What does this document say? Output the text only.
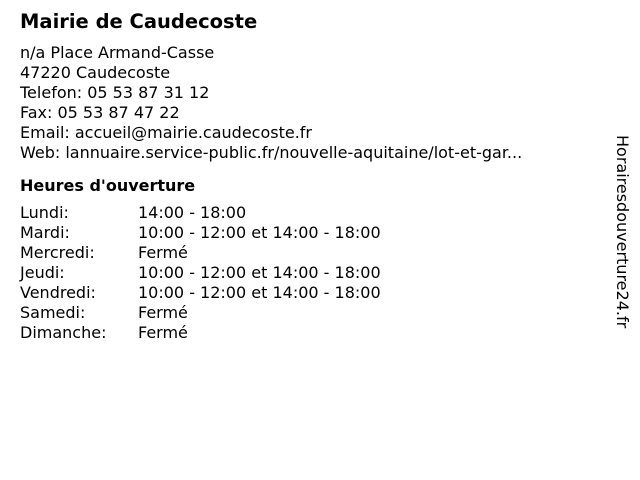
Mairie de Caudecoste
n/a Place Armand-Casse
47220 Caudecoste
Telefon: 05 53 87 31 12
Fax: 05 53 87 47 22
Email: accueil@mairie.caudecoste.fr
Web: lannuaire.service-public.fr/nouvelle-aquitaine/lot-et-gar...
Heures d'ouverture
Lundi:	14:00 - 18:00
Mardi:	10:00 - 12:00 et 14:00 - 18:00
Mercredi:	Fermé
Jeudi:	10:00 - 12:00 et 14:00 - 18:00
Vendredi:	10:00 - 12:00 et 14:00 - 18:00
Samedi:	Fermé
Dimanche:	Fermé
Horairesdouverture24.fr
